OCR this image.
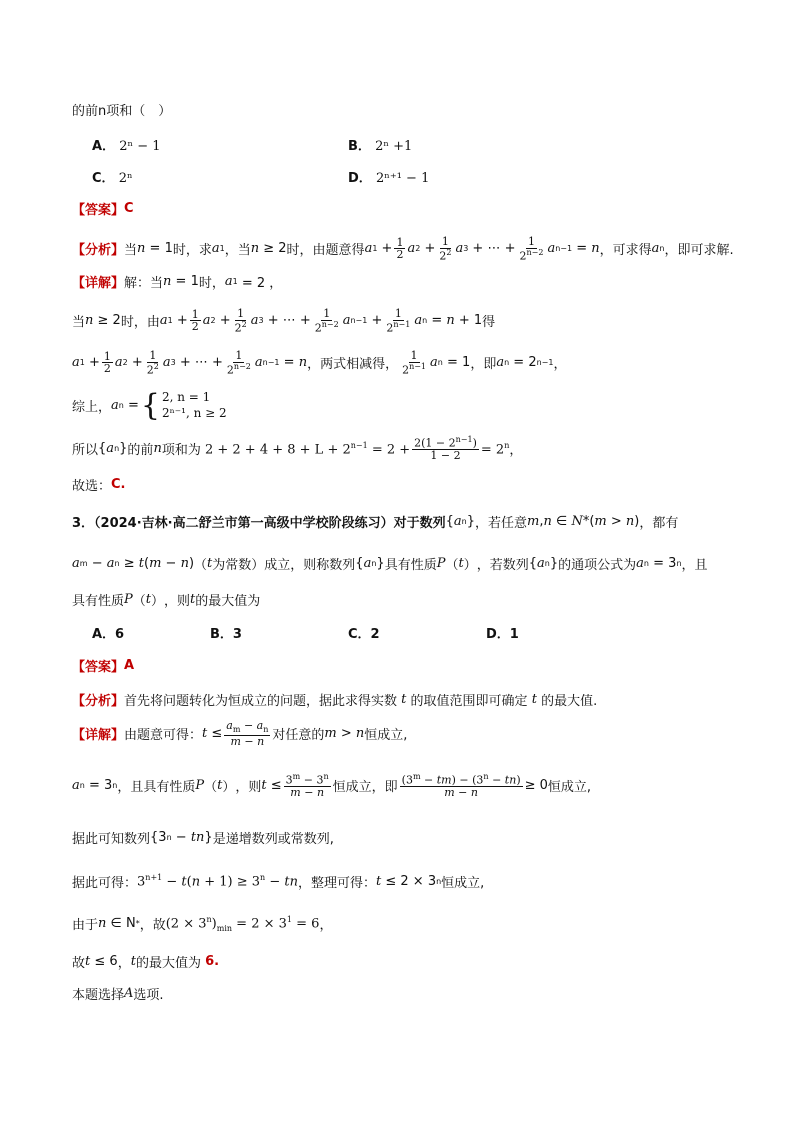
的前n项和（　）
A． 2ⁿ − 1	B． 2ⁿ +1
C． 2ⁿ	D． 2ⁿ⁺¹ − 1
【答案】 C
【分析】 当 n = 1 时，求 a 1 ，当 n ≥ 2 时，由题意得 a $1 + \frac{1}{2}$ a $2 + \frac{1}{2^2}$ a 3 + ⋯ + $\frac{1}{2^{n-2}}$ a n−1 = n ，可求得 a n ，即可求解.
【详解】 解：当 n = 1 时， a 1 = 2 ，
当 n ≥ 2 时，由 a $1 + \frac{1}{2}$ a $2 + \frac{1}{2^2}$ a 3 + ⋯ + $\frac{1}{2^{n-2}}$ a $n-1 + \frac{1}{2^{n-1}}$ a n = n + 1 得
a $1 + \frac{1}{2}$ a $2 + \frac{1}{2^2}$ a 3 + ⋯ + $\frac{1}{2^{n-2}}$ a n−1 = n ，两式相减得， $\frac{1}{2^{n-1}}$ a n = 1 ，即 a n = 2 n−1 ，
综上， a n = { 2, n = 1
2ⁿ⁻¹, n ≥ 2
所以 { a n } 的前 n 项和为 $2 + 2 + 4 + 8 + L + 2^{n-1} = 2 + \frac{2(1 - 2^{n-1})}{1 - 2} = 2^n$ ，
故选： C.
3．（2024·吉林·高二舒兰市第一高级中学校阶段练习）对于数列 { a n } ，若任意 m , n ∈ N *( m > n ) ，都有
a m − a n ≥ t ( m − n ) （ t 为常数）成立，则称数列 { a n } 具有性质 P （ t ） ，若数列 { a n } 的通项公式为 a n = 3 n ，且
具有性质 P （ t ） ，则 t 的最大值为
A．6	B．3	C．2	D．1
【答案】 A
【分析】 首先将问题转化为恒成立的问题，据此求得实数
t
的取值范围即可确定
t
的最大值.
【详解】 由题意可得： $t \le \frac{a_m - a_n}{m - n}$ 对任意的 m > n 恒成立,
a n = 3 n ，且具有性质 P （ t ） ，则 $t \le \frac{3^m - 3^n}{m - n}$ 恒成立，即 $\frac{(3^m - tm) - (3^n - tn)}{m - n} \ge 0$ 恒成立,
据此可知数列 {3 n − tn } 是递增数列或常数列,
据此可得： $3^{n+1} - t(n + 1) \ge 3^n$ − tn ，整理可得： t ≤ 2 × 3 n 恒成立,
由于 n ∈ N * ，故 $(2 \times 3^n)_{min} = 2 \times 3^1 = 6$ ，
故 t ≤ 6 ， t 的最大值为
6.
本题选择 A 选项.
